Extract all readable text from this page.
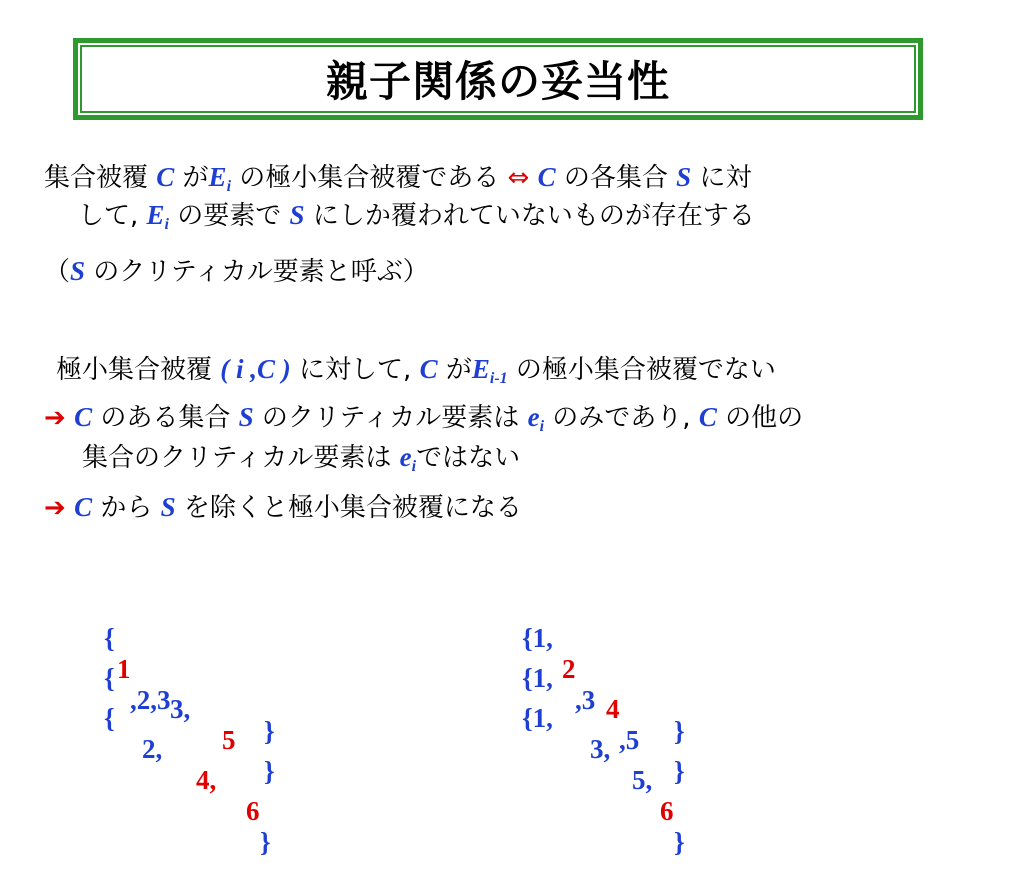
親子関係の妥当性
集合被覆 C がEi の極小集合被覆である ⇔ C の各集合 S に対
して, Ei の要素で S にしか覆われていないものが存在する
（S のクリティカル要素と呼ぶ）
極小集合被覆 ( i ,C ) に対して, C がEi-1 の極小集合被覆でない
➔ C のある集合 S のクリティカル要素は ei のみであり, C の他の
集合のクリティカル要素は eiではない
➔ C から S を除くと極小集合被覆になる

{

1

,2,3

}

{

3,

5

}

{

2,

4,

6

}

{1,

2

,3

}

{1,

4

,5

}

{1,

3,

5,

6

}
